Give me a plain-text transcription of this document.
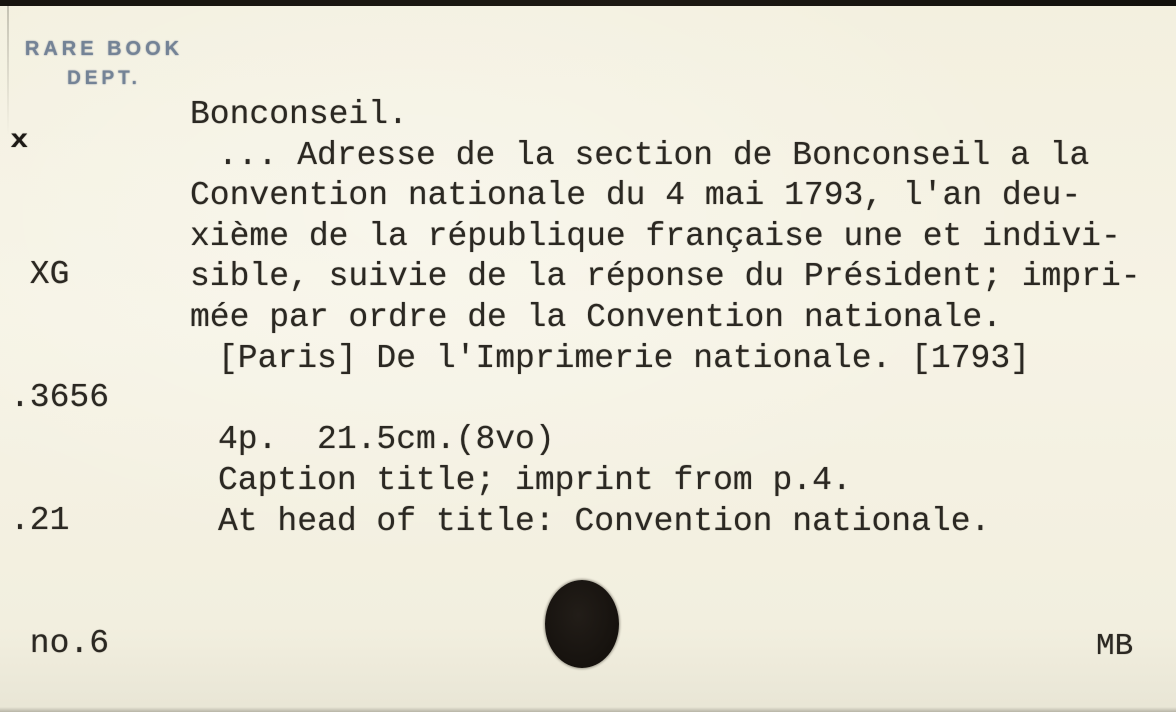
RARE BOOK
DEPT.

x

XG

.3656

.21

no.6

Bonconseil.
... Adresse de la section de Bonconseil a la
Convention nationale du 4 mai 1793, l'an deu-
xième de la république française une et indivi-
sible, suivie de la réponse du Président; impri-
mée par ordre de la Convention nationale.
[Paris] De l'Imprimerie nationale. [1793]
4p.  21.5cm.(8vo)
Caption title; imprint from p.4.
At head of title: Convention nationale.
MB
